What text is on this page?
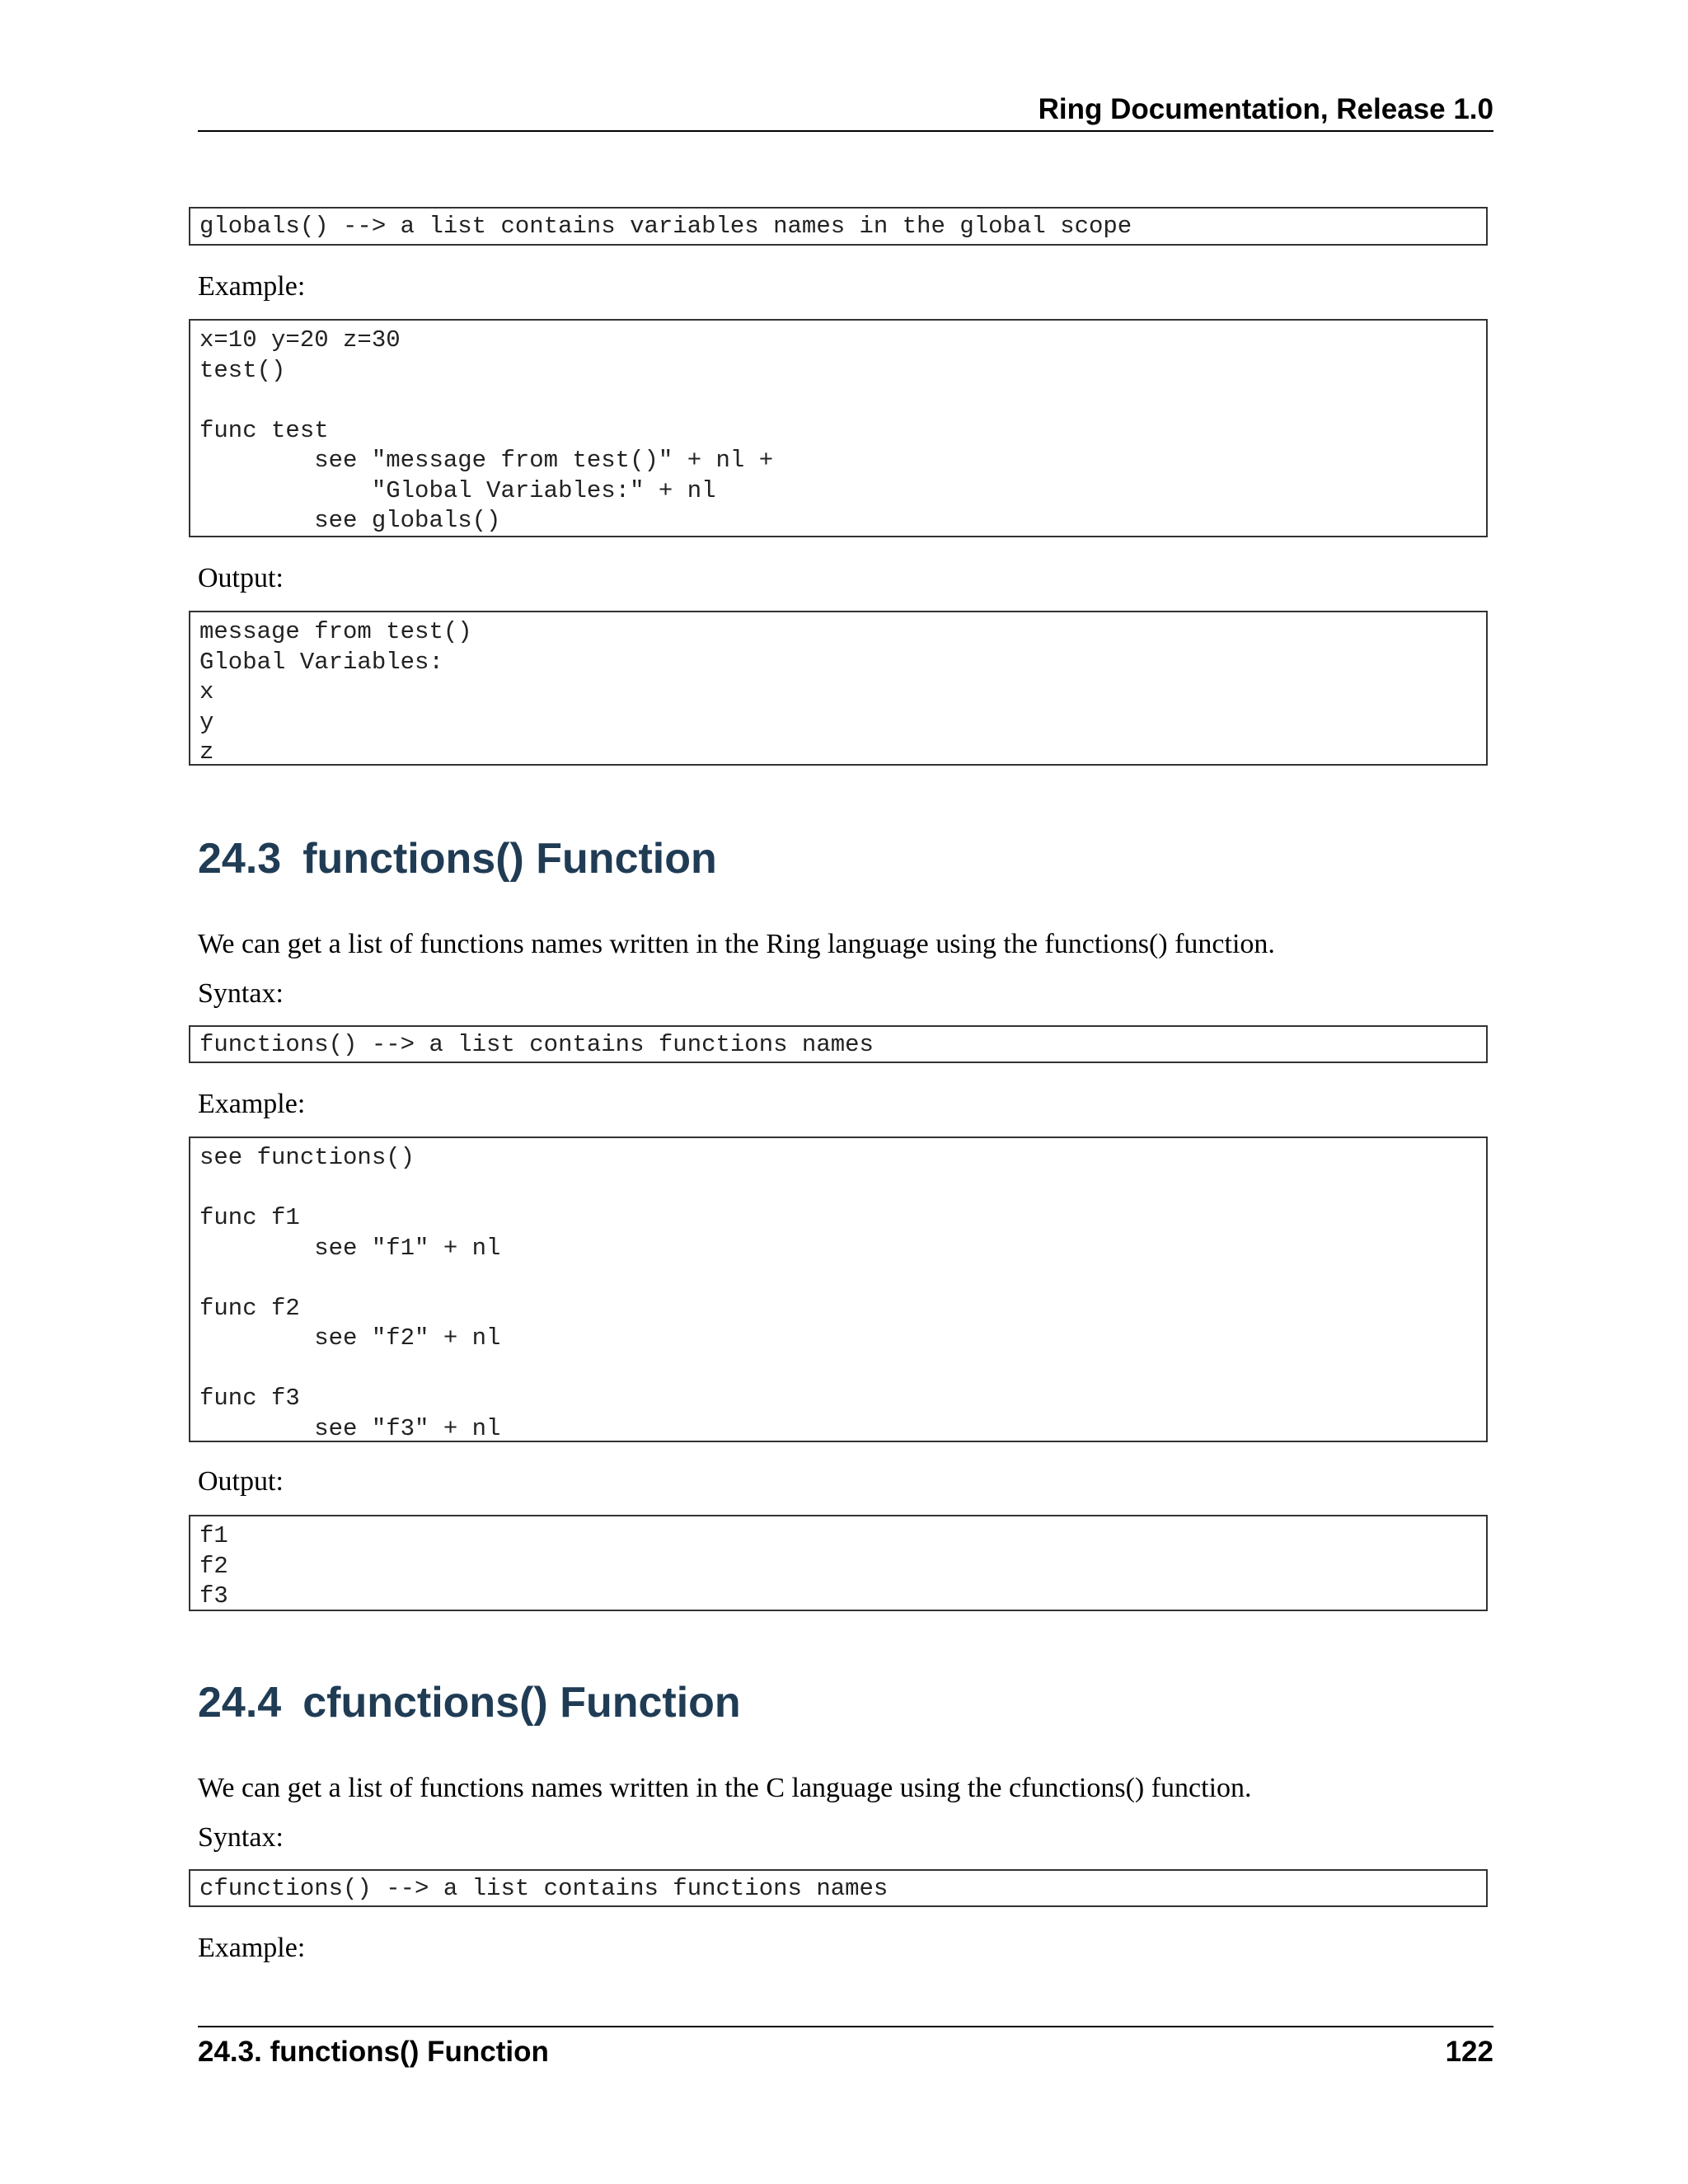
Ring Documentation, Release 1.0
globals() --> a list contains variables names in the global scope
Example:
x=10 y=20 z=30
test()
func test
see "message from test()" + nl +
"Global Variables:" + nl
see globals()
Output:
message from test()
Global Variables:
x
y
z
24.3 functions() Function
We can get a list of functions names written in the Ring language using the functions() function.
Syntax:
functions() --> a list contains functions names
Example:
see functions()
func f1
see "f1" + nl
func f2
see "f2" + nl
func f3
see "f3" + nl
Output:
f1
f2
f3
24.4 cfunctions() Function
We can get a list of functions names written in the C language using the cfunctions() function.
Syntax:
cfunctions() --> a list contains functions names
Example:
24.3. functions() Function	122
